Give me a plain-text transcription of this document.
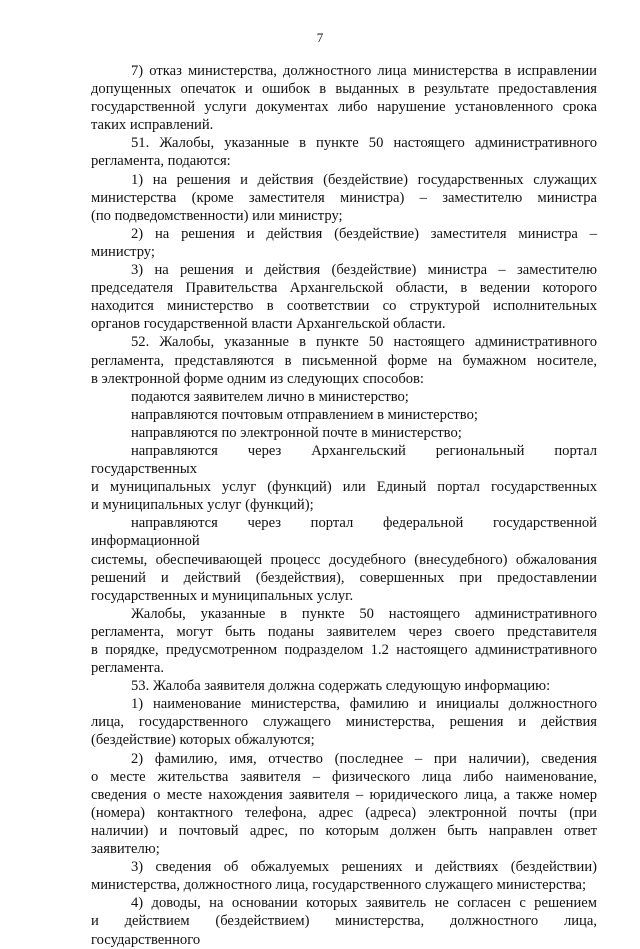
7
7) отказ министерства, должностного лица министерства в исправлении
допущенных опечаток и ошибок в выданных в результате предоставления
государственной услуги документах либо нарушение установленного срока
таких исправлений.
51. Жалобы, указанные в пункте 50 настоящего административного
регламента, подаются:
1) на решения и действия (бездействие) государственных служащих
министерства (кроме заместителя министра) – заместителю министра
(по подведомственности) или министру;
2) на решения и действия (бездействие) заместителя министра – министру;
3) на решения и действия (бездействие) министра – заместителю
председателя Правительства Архангельской области, в ведении которого
находится министерство в соответствии со структурой исполнительных
органов государственной власти Архангельской области.
52. Жалобы, указанные в пункте 50 настоящего административного
регламента, представляются в письменной форме на бумажном носителе,
в электронной форме одним из следующих способов:
подаются заявителем лично в министерство;
направляются почтовым отправлением в министерство;
направляются по электронной почте в министерство;
направляются через Архангельский региональный портал государственных
и муниципальных услуг (функций) или Единый портал государственных
и муниципальных услуг (функций);
направляются через портал федеральной государственной информационной
системы, обеспечивающей процесс досудебного (внесудебного) обжалования
решений и действий (бездействия), совершенных при предоставлении
государственных и муниципальных услуг.
Жалобы, указанные в пункте 50 настоящего административного
регламента, могут быть поданы заявителем через своего представителя
в порядке, предусмотренном подразделом 1.2 настоящего административного
регламента.
53. Жалоба заявителя должна содержать следующую информацию:
1) наименование министерства, фамилию и инициалы должностного
лица, государственного служащего министерства, решения и действия
(бездействие) которых обжалуются;
2) фамилию, имя, отчество (последнее – при наличии), сведения
о месте жительства заявителя – физического лица либо наименование,
сведения о месте нахождения заявителя – юридического лица, а также номер
(номера) контактного телефона, адрес (адреса) электронной почты (при
наличии) и почтовый адрес, по которым должен быть направлен ответ
заявителю;
3) сведения об обжалуемых решениях и действиях (бездействии)
министерства, должностного лица, государственного служащего министерства;
4) доводы, на основании которых заявитель не согласен с решением
и действием (бездействием) министерства, должностного лица, государственного
